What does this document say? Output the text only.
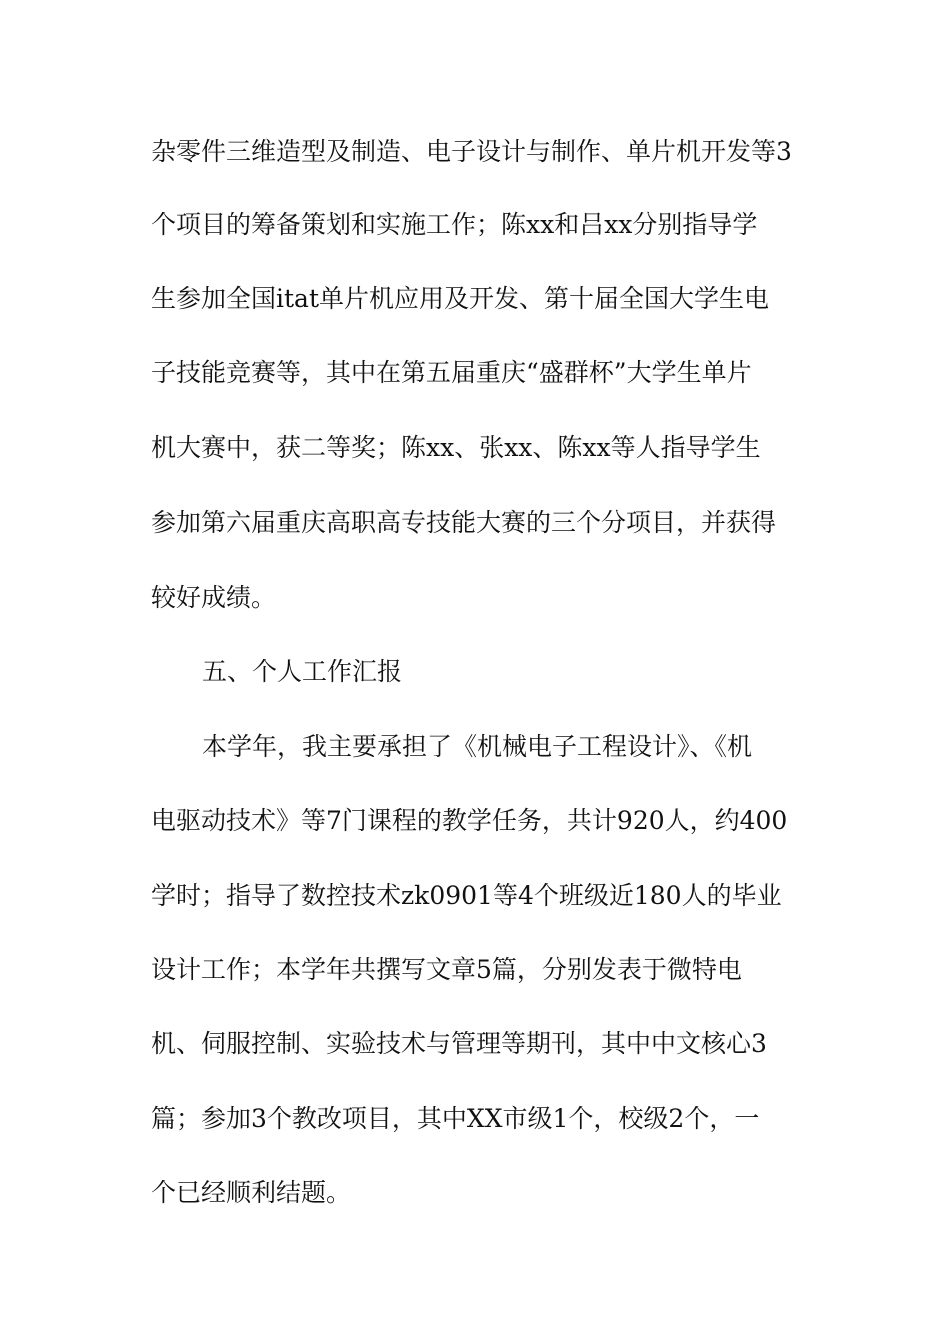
杂零件三维造型及制造、电子设计与制作、单片机开发等3
个项目的筹备策划和实施工作；陈xx和吕xx分别指导学
生参加全国itat单片机应用及开发、第十届全国大学生电
子技能竞赛等，其中在第五届重庆“盛群杯”大学生单片
机大赛中，获二等奖；陈xx、张xx、陈xx等人指导学生
参加第六届重庆高职高专技能大赛的三个分项目，并获得
较好成绩。
五、个人工作汇报
本学年，我主要承担了《机械电子工程设计》、《机
电驱动技术》等7门课程的教学任务，共计920人，约400
学时；指导了数控技术zk0901等4个班级近180人的毕业
设计工作；本学年共撰写文章5篇，分别发表于微特电
机、伺服控制、实验技术与管理等期刊，其中中文核心3
篇；参加3个教改项目，其中XX市级1个，校级2个，一
个已经顺利结题。
